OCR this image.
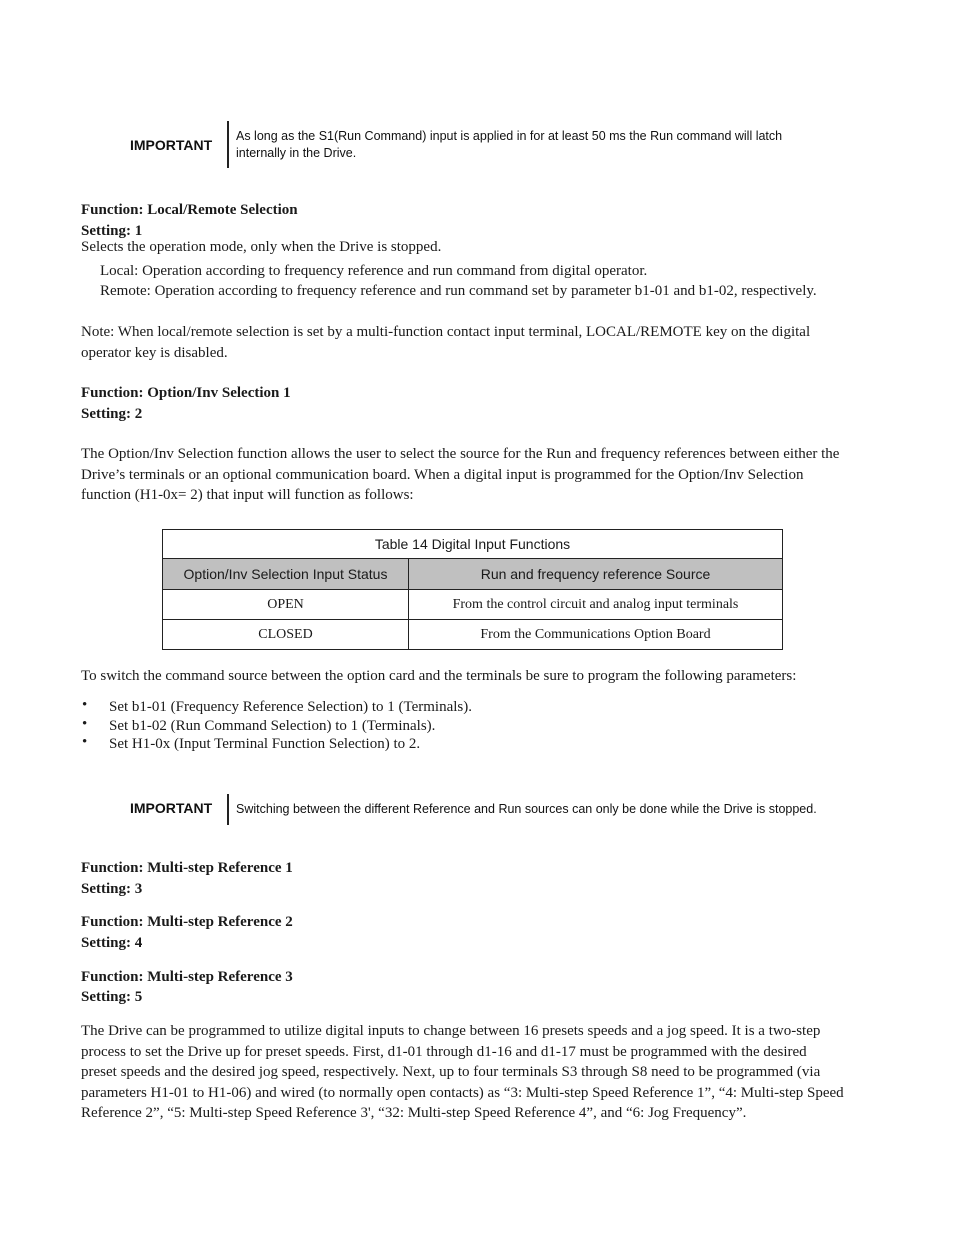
IMPORTANT
As long as the S1(Run Command) input is applied in for at least 50 ms the Run command will latch
internally in the Drive.
Function: Local/Remote Selection
Setting: 1
Selects the operation mode, only when the Drive is stopped.
Local: Operation according to frequency reference and run command from digital operator.
Remote: Operation according to frequency reference and run command set by parameter b1-01 and b1-02, respectively.
Note: When local/remote selection is set by a multi-function contact input terminal, LOCAL/REMOTE key on the digital
operator key is disabled.
Function: Option/Inv Selection 1
Setting: 2
The Option/Inv Selection function allows the user to select the source for the Run and frequency references between either the
Drive’s terminals or an optional communication board. When a digital input is programmed for the Option/Inv Selection
function (H1-0x= 2) that input will function as follows:
Table 14 Digital Input Functions	
Option/Inv Selection Input Status	Run and frequency reference Source
OPEN	From the control circuit and analog input terminals
CLOSED	From the Communications Option Board
To switch the command source between the option card and the terminals be sure to program the following parameters:
• Set b1-01 (Frequency Reference Selection) to 1 (Terminals).
• Set b1-02 (Run Command Selection) to 1 (Terminals).
• Set H1-0x (Input Terminal Function Selection) to 2.
IMPORTANT Switching between the different Reference and Run sources can only be done while the Drive is stopped.
Function: Multi-step Reference 1
Setting: 3
Function: Multi-step Reference 2
Setting: 4
Function: Multi-step Reference 3
Setting: 5
The Drive can be programmed to utilize digital inputs to change between 16 presets speeds and a jog speed. It is a two-step
process to set the Drive up for preset speeds. First, d1-01 through d1-16 and d1-17 must be programmed with the desired
preset speeds and the desired jog speed, respectively. Next, up to four terminals S3 through S8 need to be programmed (via
parameters H1-01 to H1-06) and wired (to normally open contacts) as “3: Multi-step Speed Reference 1”, “4: Multi-step Speed
Reference 2”, “5: Multi-step Speed Reference 3', “32: Multi-step Speed Reference 4”, and “6: Jog Frequency”.
